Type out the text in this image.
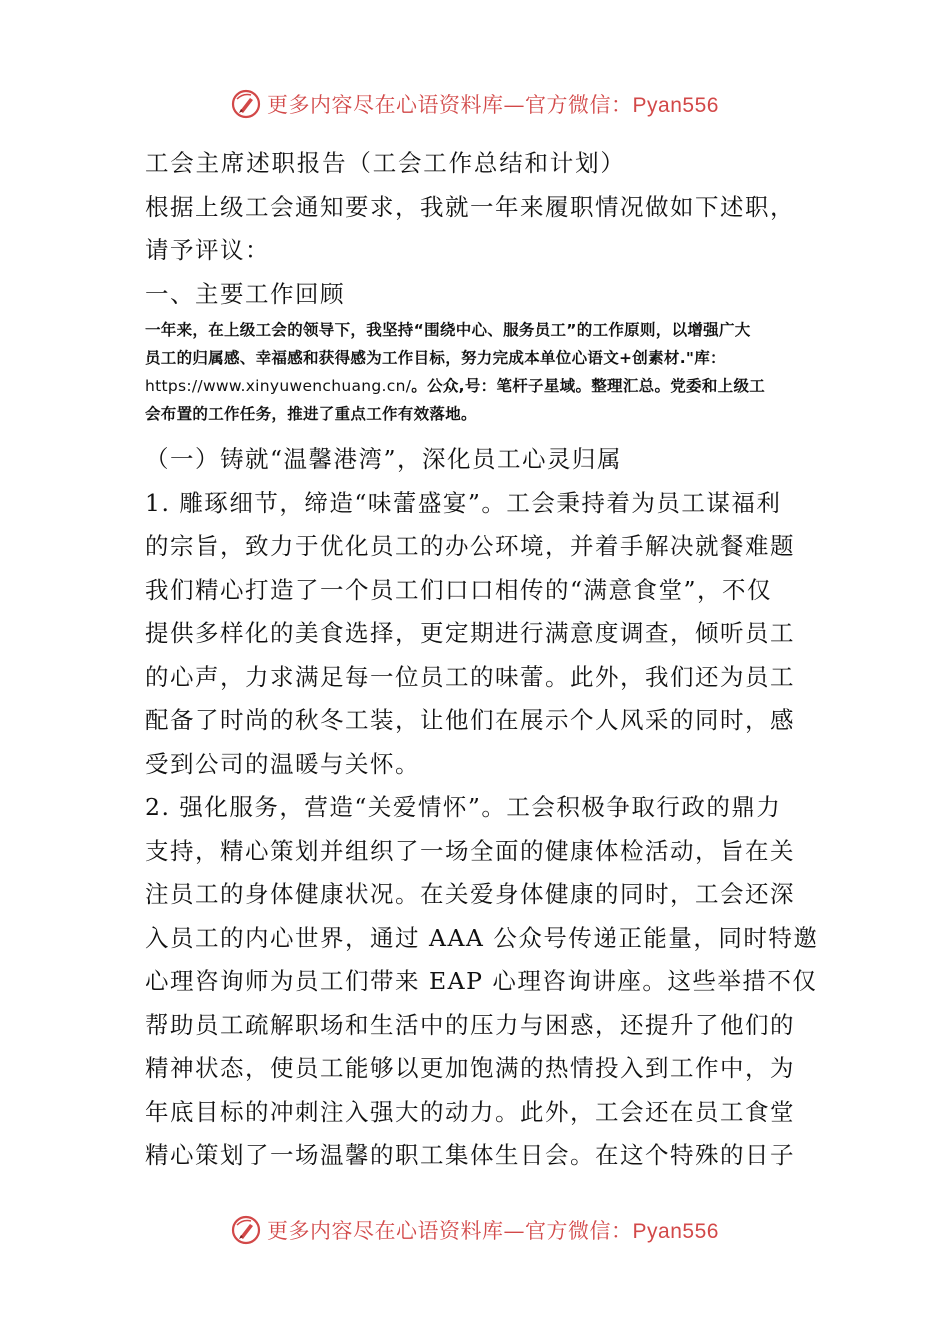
更多内容尽在心语资料库—官方微信：Pyan556
工会主席述职报告（工会工作总结和计划）
根据上级工会通知要求，我就一年来履职情况做如下述职，
请予评议：
一、主要工作回顾
一年来，在上级工会的领导下，我坚持“围绕中心、服务员工”的工作原则，以增强广大
员工的归属感、幸福感和获得感为工作目标，努力完成本单位心语文+创素材."库：
https://www.xinyuwenchuang.cn/。公众,号：笔杆子星域。整理汇总。党委和上级工
会布置的工作任务，推进了重点工作有效落地。
（一）铸就“温馨港湾”，深化员工心灵归属
1. 雕琢细节，缔造“味蕾盛宴”。工会秉持着为员工谋福利
的宗旨，致力于优化员工的办公环境，并着手解决就餐难题
我们精心打造了一个员工们口口相传的“满意食堂”，不仅
提供多样化的美食选择，更定期进行满意度调查，倾听员工
的心声，力求满足每一位员工的味蕾。此外，我们还为员工
配备了时尚的秋冬工装，让他们在展示个人风采的同时，感
受到公司的温暖与关怀。
2. 强化服务，营造“关爱情怀”。工会积极争取行政的鼎力
支持，精心策划并组织了一场全面的健康体检活动，旨在关
注员工的身体健康状况。在关爱身体健康的同时，工会还深
入员工的内心世界，通过 AAA 公众号传递正能量，同时特邀
心理咨询师为员工们带来 EAP 心理咨询讲座。这些举措不仅
帮助员工疏解职场和生活中的压力与困惑，还提升了他们的
精神状态，使员工能够以更加饱满的热情投入到工作中，为
年底目标的冲刺注入强大的动力。此外，工会还在员工食堂
精心策划了一场温馨的职工集体生日会。在这个特殊的日子
更多内容尽在心语资料库—官方微信：Pyan556
